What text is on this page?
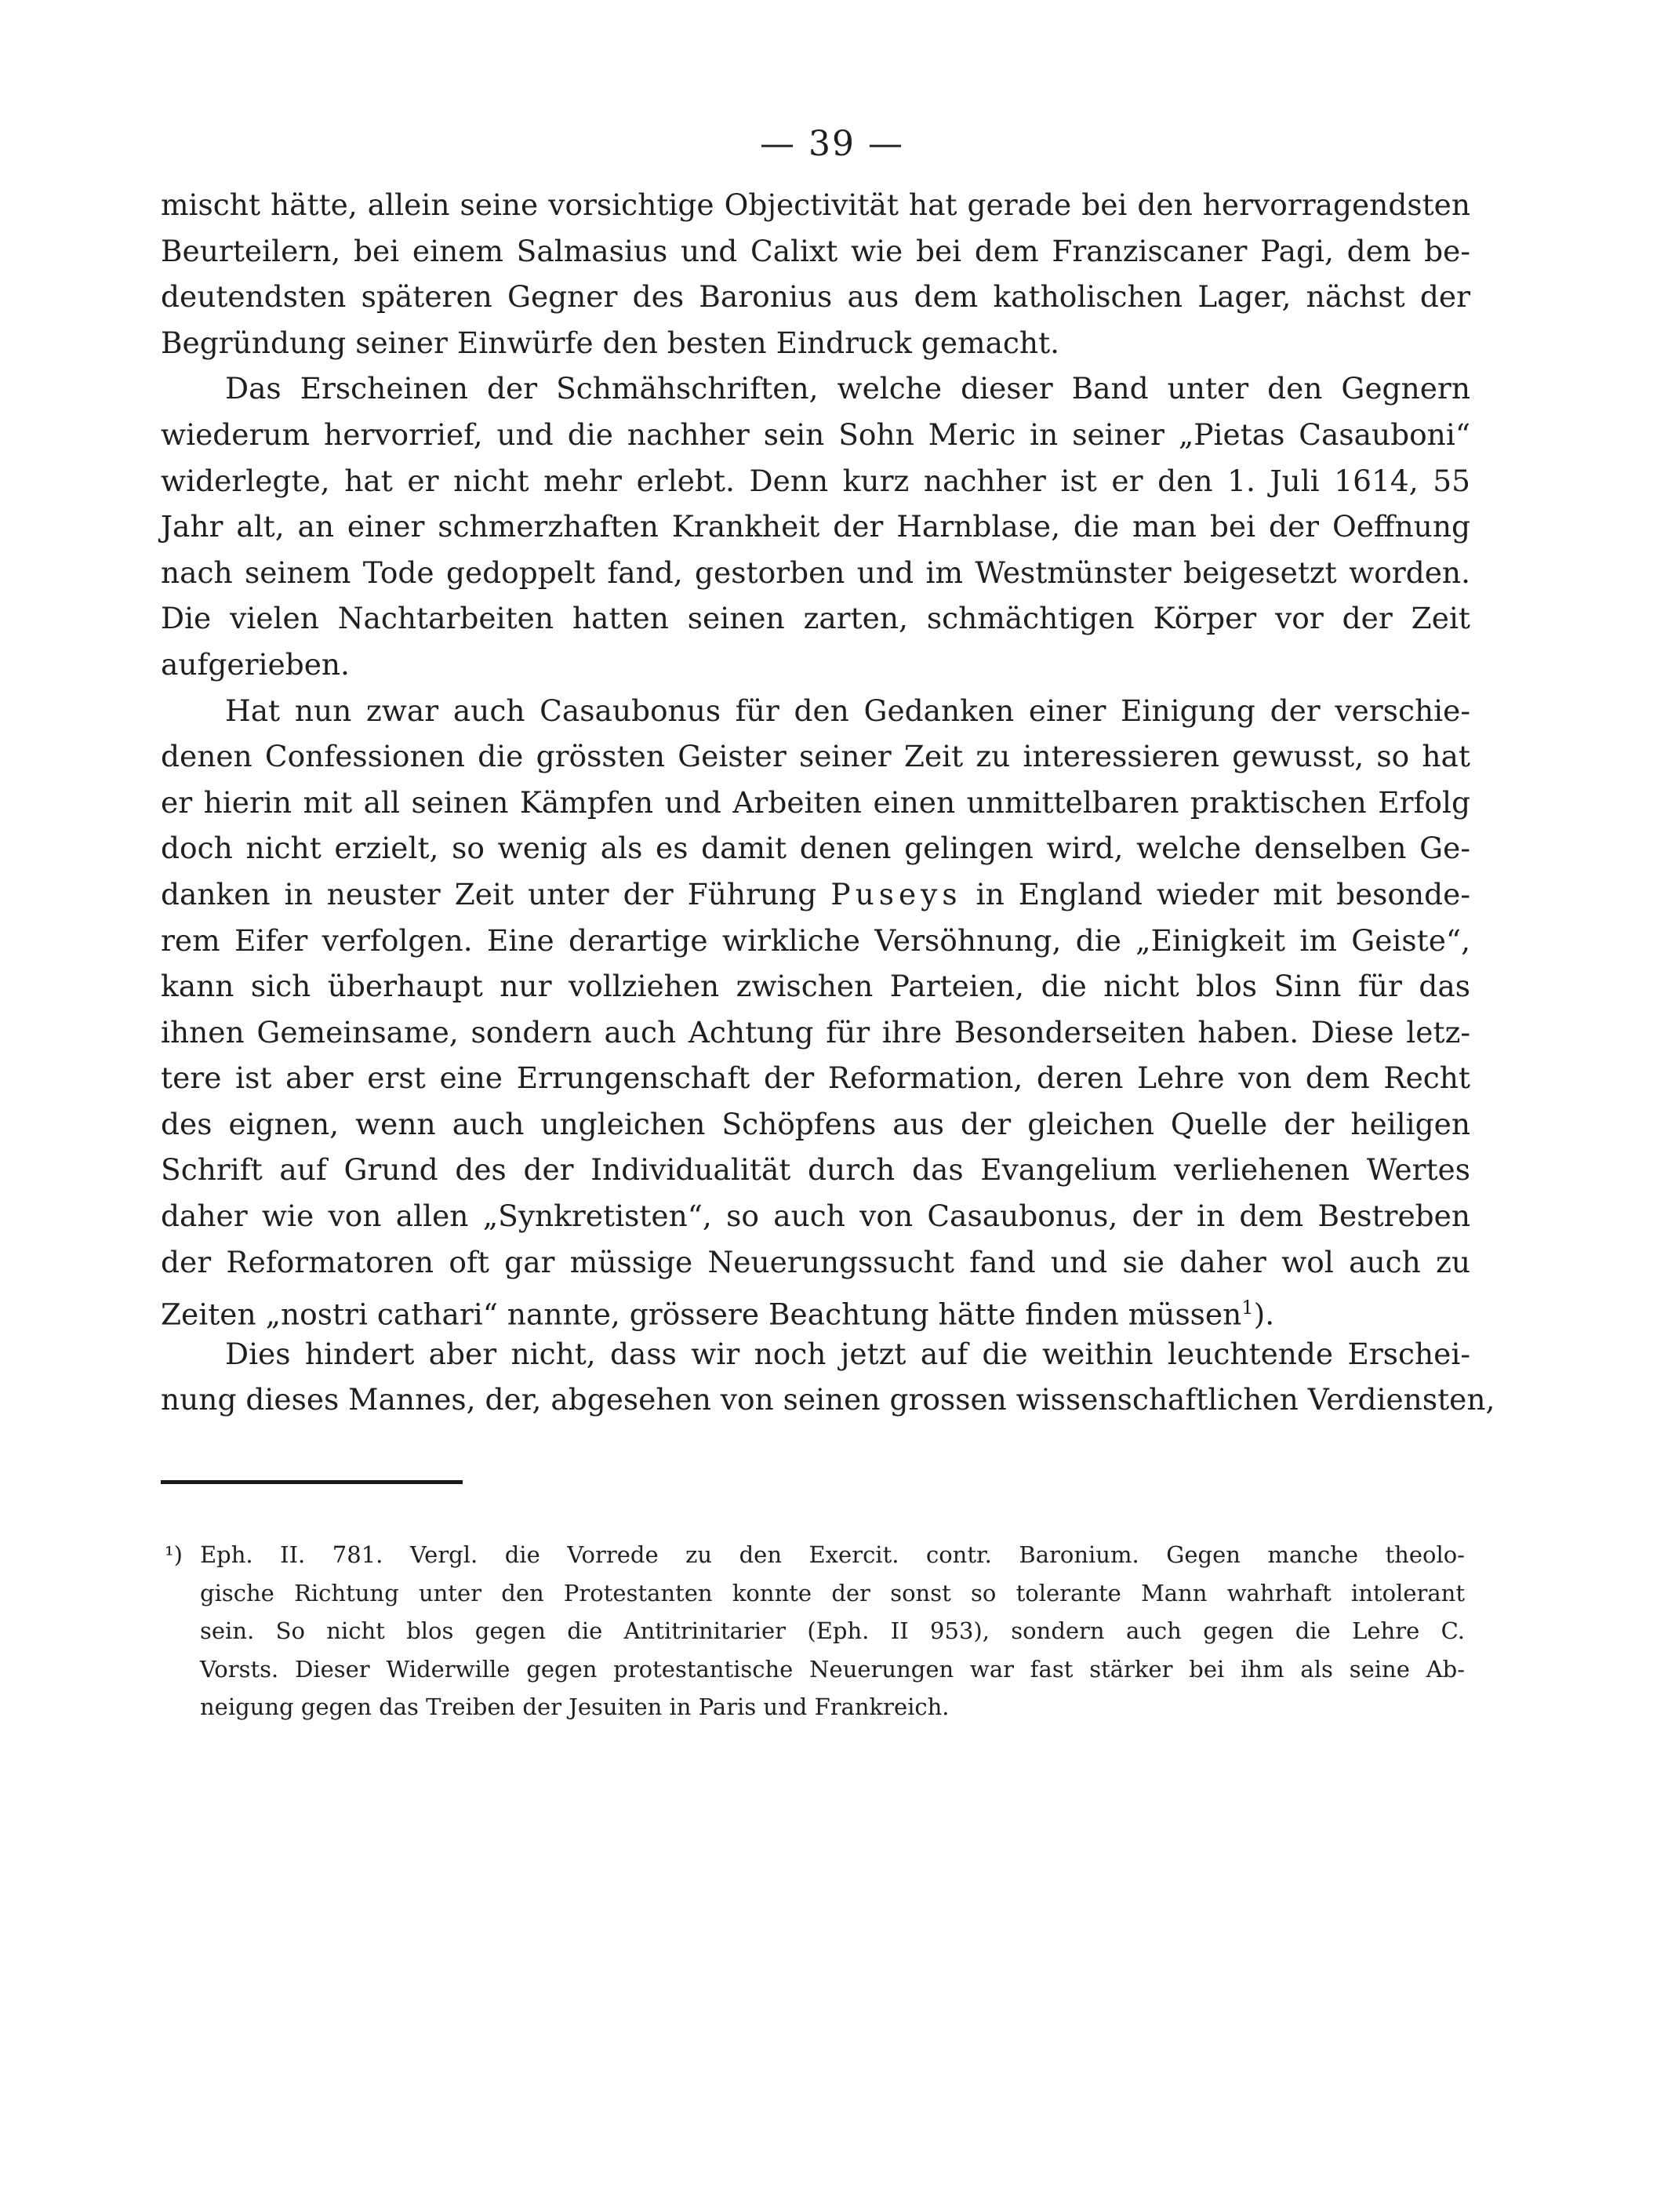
— 39 —
mischt hätte, allein seine vorsichtige Objectivität hat gerade bei den hervorragendsten
Beurteilern, bei einem Salmasius und Calixt wie bei dem Franziscaner Pagi, dem be-
deutendsten späteren Gegner des Baronius aus dem katholischen Lager, nächst der
Begründung seiner Einwürfe den besten Eindruck gemacht.
Das Erscheinen der Schmähschriften, welche dieser Band unter den Gegnern
wiederum hervorrief, und die nachher sein Sohn Meric in seiner „Pietas Casauboni“
widerlegte, hat er nicht mehr erlebt. Denn kurz nachher ist er den 1. Juli 1614, 55
Jahr alt, an einer schmerzhaften Krankheit der Harnblase, die man bei der Oeffnung
nach seinem Tode gedoppelt fand, gestorben und im Westmünster beigesetzt worden.
Die vielen Nachtarbeiten hatten seinen zarten, schmächtigen Körper vor der Zeit
aufgerieben.
Hat nun zwar auch Casaubonus für den Gedanken einer Einigung der verschie-
denen Confessionen die grössten Geister seiner Zeit zu interessieren gewusst, so hat
er hierin mit all seinen Kämpfen und Arbeiten einen unmittelbaren praktischen Erfolg
doch nicht erzielt, so wenig als es damit denen gelingen wird, welche denselben Ge-
danken in neuster Zeit unter der Führung Puseys in England wieder mit besonde-
rem Eifer verfolgen. Eine derartige wirkliche Versöhnung, die „Einigkeit im Geiste“,
kann sich überhaupt nur vollziehen zwischen Parteien, die nicht blos Sinn für das
ihnen Gemeinsame, sondern auch Achtung für ihre Besonderseiten haben. Diese letz-
tere ist aber erst eine Errungenschaft der Reformation, deren Lehre von dem Recht
des eignen, wenn auch ungleichen Schöpfens aus der gleichen Quelle der heiligen
Schrift auf Grund des der Individualität durch das Evangelium verliehenen Wertes
daher wie von allen „Synkretisten“, so auch von Casaubonus, der in dem Bestreben
der Reformatoren oft gar müssige Neuerungssucht fand und sie daher wol auch zu
Zeiten „nostri cathari“ nannte, grössere Beachtung hätte finden müssen$^1$).
Dies hindert aber nicht, dass wir noch jetzt auf die weithin leuchtende Erschei-
nung dieses Mannes, der, abgesehen von seinen grossen wissenschaftlichen Verdiensten,
¹) Eph. II. 781. Vergl. die Vorrede zu den Exercit. contr. Baronium. Gegen manche theolo-
gische Richtung unter den Protestanten konnte der sonst so tolerante Mann wahrhaft intolerant
sein. So nicht blos gegen die Antitrinitarier (Eph. II 953), sondern auch gegen die Lehre C.
Vorsts. Dieser Widerwille gegen protestantische Neuerungen war fast stärker bei ihm als seine Ab-
neigung gegen das Treiben der Jesuiten in Paris und Frankreich.
